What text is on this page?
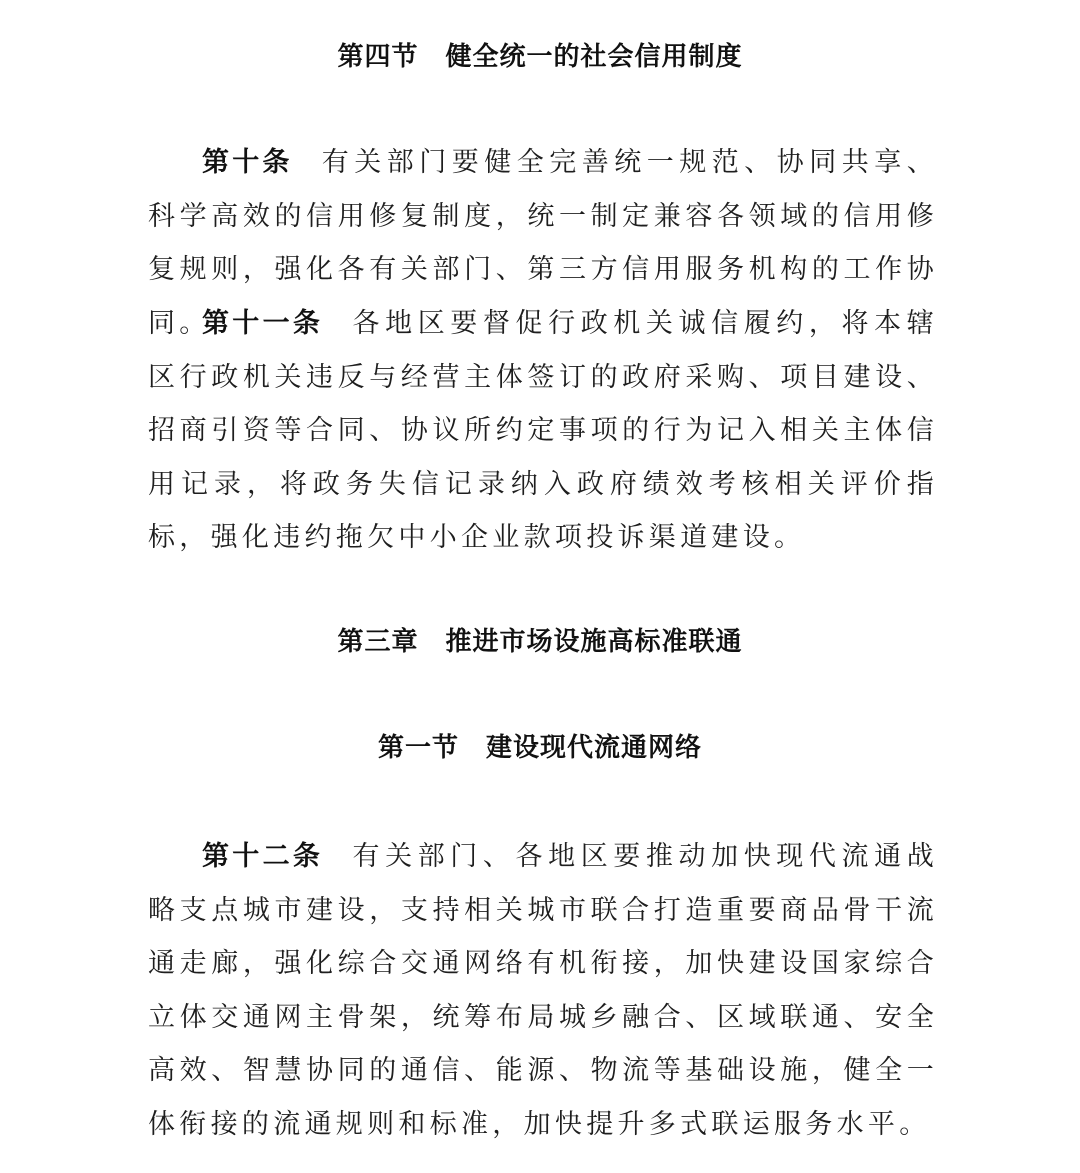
第四节　健全统一的社会信用制度

第十条 有关部门要健全完善统一规范、协同共享、科学高效的信用修复制度，统一制定兼容各领域的信用修复规则，强化各有关部门、第三方信用服务机构的工作协同。

第十一条 各地区要督促行政机关诚信履约，将本辖区行政机关违反与经营主体签订的政府采购、项目建设、招商引资等合同、协议所约定事项的行为记入相关主体信用记录，将政务失信记录纳入政府绩效考核相关评价指标，强化违约拖欠中小企业款项投诉渠道建设。

第三章　推进市场设施高标准联通
第一节　建设现代流通网络

第十二条 有关部门、各地区要推动加快现代流通战略支点城市建设，支持相关城市联合打造重要商品骨干流通走廊，强化综合交通网络有机衔接，加快建设国家综合立体交通网主骨架，统筹布局城乡融合、区域联通、安全高效、智慧协同的通信、能源、物流等基础设施，健全一体衔接的流通规则和标准，加快提升多式联运服务水平。
